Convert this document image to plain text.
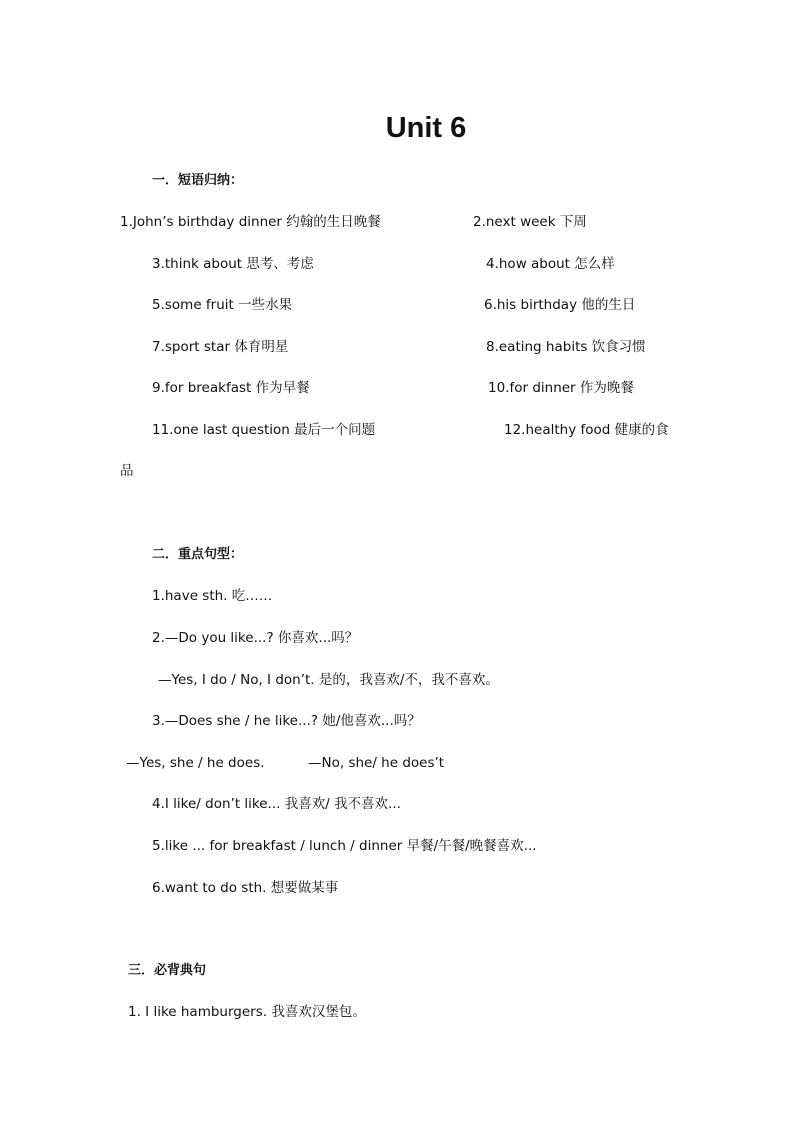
Unit 6
一．短语归纳：
1.John’s birthday dinner 约翰的生日晚餐	2.next week 下周
3.think about 思考、考虑	4.how about 怎么样
5.some fruit 一些水果	6.his birthday 他的生日
7.sport star 体育明星	8.eating habits 饮食习惯
9.for breakfast 作为早餐	10.for dinner 作为晚餐
11.one last question 最后一个问题	12.healthy food 健康的食
品
二．重点句型：
1.have sth. 吃……
2.—Do you like...? 你喜欢...吗？
—Yes, I do / No, I don’t. 是的，我喜欢/不，我不喜欢。
3.—Does she / he like...? 她/他喜欢...吗？
—Yes, she / he does.	—No, she/ he does’t
4.I like/ don’t like... 我喜欢/ 我不喜欢...
5.like ... for breakfast / lunch / dinner 早餐/午餐/晚餐喜欢...
6.want to do sth. 想要做某事
三．必背典句
1. I like hamburgers. 我喜欢汉堡包。
